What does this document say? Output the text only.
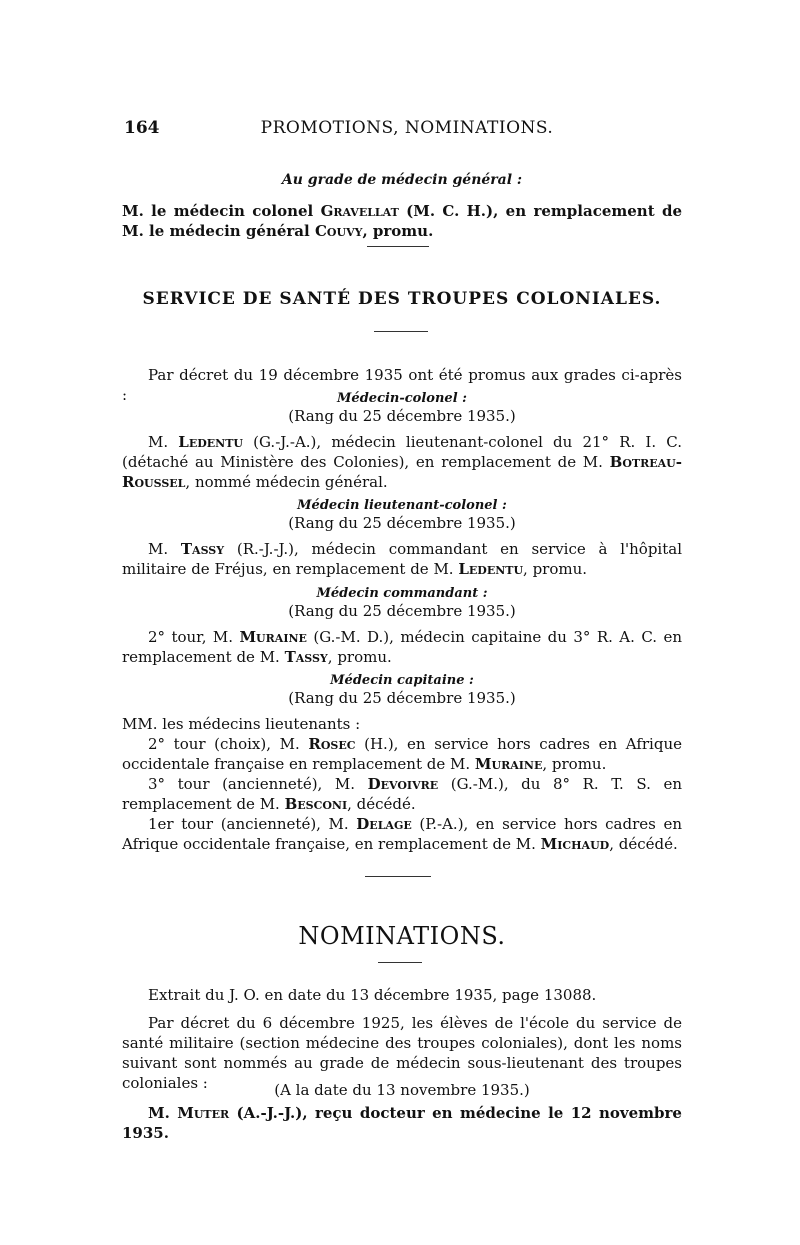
164	PROMOTIONS, NOMINATIONS.
Au grade de médecin général :
M. le médecin colonel Gravellat (M. C. H.), en remplacement de M. le médecin général Couvy, promu.
SERVICE DE SANTÉ DES TROUPES COLONIALES.
Par décret du 19 décembre 1935 ont été promus aux grades ci-après :	Médecin-colonel :
(Rang du 25 décembre 1935.)
M. Ledentu (G.-J.-A.), médecin lieutenant-colonel du 21° R. I. C. (détaché au Ministère des Colonies), en remplacement de M. Botreau-Roussel, nommé médecin général.
Médecin lieutenant-colonel :
(Rang du 25 décembre 1935.)
M. Tassy (R.-J.-J.), médecin commandant en service à l'hôpital militaire de Fréjus, en remplacement de M. Ledentu, promu.
Médecin commandant :
(Rang du 25 décembre 1935.)
2° tour, M. Muraine (G.-M. D.), médecin capitaine du 3° R. A. C. en remplacement de M. Tassy, promu.
Médecin capitaine :
(Rang du 25 décembre 1935.)
MM. les médecins lieutenants :
2° tour (choix), M. Rosec (H.), en service hors cadres en Afrique occidentale française en remplacement de M. Muraine, promu.
3° tour (ancienneté), M. Devoivre (G.-M.), du 8° R. T. S. en remplacement de M. Besconi, décédé.
1er tour (ancienneté), M. Delage (P.-A.), en service hors cadres en Afrique occidentale française, en remplacement de M. Michaud, décédé.
NOMINATIONS.
Extrait du J. O. en date du 13 décembre 1935, page 13088.
Par décret du 6 décembre 1925, les élèves de l'école du service de santé militaire (section médecine des troupes coloniales), dont les noms suivant sont nommés au grade de médecin sous-lieutenant des troupes coloniales :	(A la date du 13 novembre 1935.)
M. Muter (A.-J.-J.), reçu docteur en médecine le 12 novembre 1935.
